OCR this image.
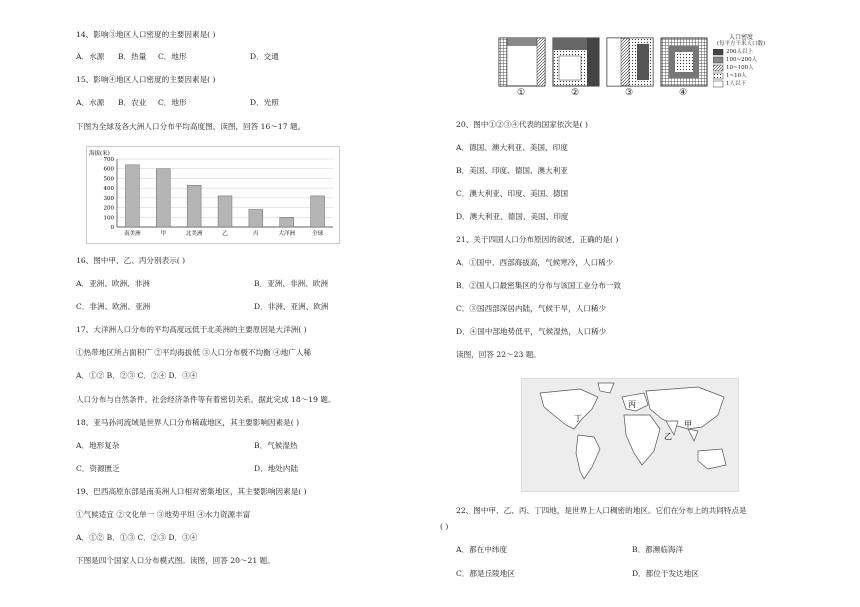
14、影响③地区人口密度的主要因素是( )
A．水源 B．热量 C．地形	D．交通
15、影响④地区人口密度的主要因素是( )
A．水源 B．农业 C．地形	D．光照
下图为全球及各大洲人口分布平均高度图。读图，回答 16～17 题。
海拔(米)
0
100
200
300
400
500
600
700
南美洲	甲	北美洲	乙	丙	大洋洲	全球
16、图中甲、乙、丙分别表示( )
A．亚洲、欧洲、非洲	B．亚洲、非洲、欧洲
C．非洲、欧洲、亚洲	D．非洲、亚洲、欧洲
17、大洋洲人口分布的平均高度远低于北美洲的主要原因是大洋洲( )
①热带地区所占面积广 ②平均海拔低 ③人口分布极不均衡 ④地广人稀
A．①② B．②③ C．②④ D．③④
人口分布与自然条件、社会经济条件等有着密切关系。据此完成 18～19 题。
18、亚马孙河流域是世界人口分布稀疏地区，其主要影响因素是( )
A．地形复杂	B．气候湿热
C．资源匮乏	D．地处内陆
19、巴西高原东部是南美洲人口相对密集地区，其主要影响因素是( )
①气候适宜 ②文化单一 ③地势平坦 ④水力资源丰富
A．①② B．①③ C．②③ D．③④
下图是四个国家人口分布模式图。读图，回答 20～21 题。
①	②	③	④
人口密度
(每平方千米人口数)
200人以上
100~200人
10~100人
1~10人
1人以下
20、图中①②③④代表的国家依次是( )
A．德国、澳大利亚、美国、印度
B．美国、印度、德国、澳大利亚
C．澳大利亚、印度、美国、德国
D．澳大利亚、德国、美国、印度
21、关于四国人口分布原因的叙述，正确的是( )
A．①国中、西部海拔高，气候寒冷，人口稀少
B．②国人口最密集区的分布与该国工业分布一致
C．③国西部深居内陆，气候干旱，人口稀少
D．④国中部地势低平，气候湿热，人口稀少
读图，回答 22～23 题。
丁
丙
乙
甲
22、图中甲、乙、丙、丁四地，是世界上人口稠密的地区。它们在分布上的共同特点是
( )
A．都在中纬度	B．都濒临海洋
C．都是丘陵地区	D．都位于发达地区
